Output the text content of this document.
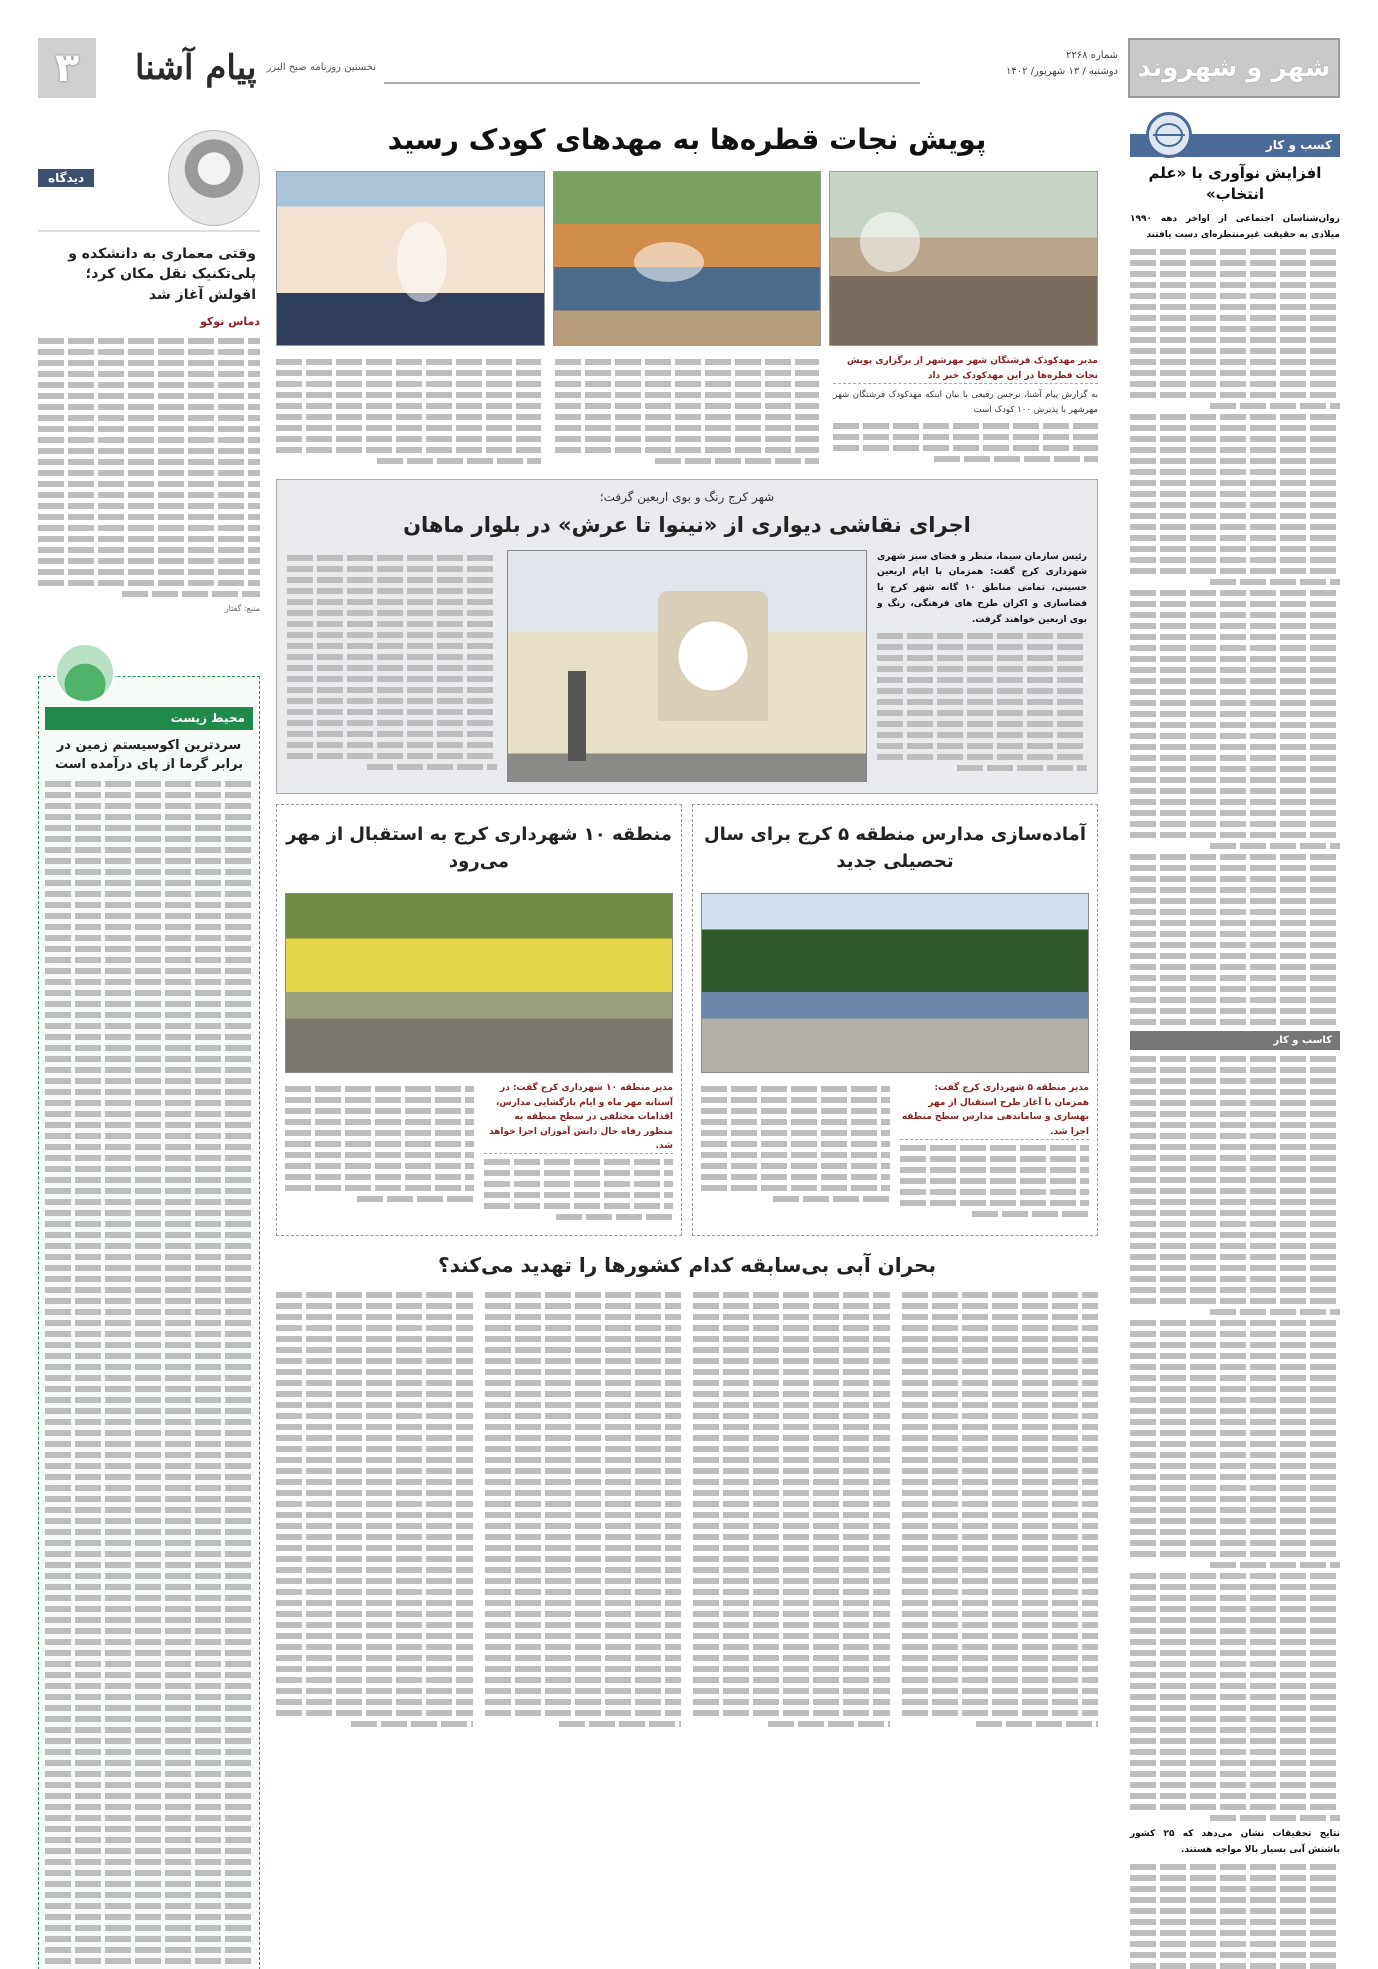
شهر و شهروند
شماره ۲۲۶۸
دوشنبه / ۱۳ شهریور/ ۱۴۰۲
نخستین روزنامه صبح البرز
پیام آشنا
۳
کسب و کار
افزایش نوآوری با «علم انتخاب»

روان‌شناسان اجتماعی از اواخر دهه ۱۹۹۰ میلادی به حقیقت غیرمنتظره‌ای دست یافتند

کاسب و کار

نتایج تحقیقات نشان می‌دهد که ۲۵ کشور باشنش آبی بسیار بالا مواجه هستند.

دیدگاه
وقتی معماری به دانشکده و پلی‌تکنیک نقل مکان کرد؛ افولش آغاز شد
دماس نوکو
منبع: گفتار
محیط زیست
سردترین اکوسیستم زمین در برابر گرما از پای درآمده است
پویش نجات قطره‌ها به مهدهای کودک رسید
مدیر مهدکودک فرشتگان شهر مهرشهر از برگزاری پویش نجات قطره‌ها در این مهدکودک خبر داد

به گزارش پیام آشنا، نرجس رفیعی با بیان اینکه مهدکودک فرشتگان شهر مهرشهر با پذیرش ۱۰۰ کودک است

شهر کرج رنگ و بوی اربعین گرفت؛
اجرای نقاشی دیواری از «نینوا تا عرش» در بلوار ماهان

رئیس سازمان سیما، منظر و فضای سبز شهری شهرداری کرج گفت: همزمان با ایام اربعین حسینی، تمامی مناطق ۱۰ گانه شهر کرج با فضاسازی و اکران طرح های فرهنگی، رنگ و بوی اربعین خواهند گرفت.

آماده‌سازی مدارس منطقه ۵ کرج برای سال تحصیلی جدید
مدیر منطقه ۵ شهرداری کرج گفت: همزمان با آغاز طرح استقبال از مهر بهسازی و ساماندهی مدارس سطح منطقه اجرا شد.
منطقه ۱۰ شهرداری کرج به استقبال از مهر می‌رود
مدیر منطقه ۱۰ شهرداری کرج گفت: در آستانه مهر ماه و ایام بازگشایی مدارس، اقدامات مختلفی در سطح منطقه به منظور رفاه حال دانش آموزان اجرا خواهد شد.
بحران آبی بی‌سابقه کدام کشورها را تهدید می‌کند؟
